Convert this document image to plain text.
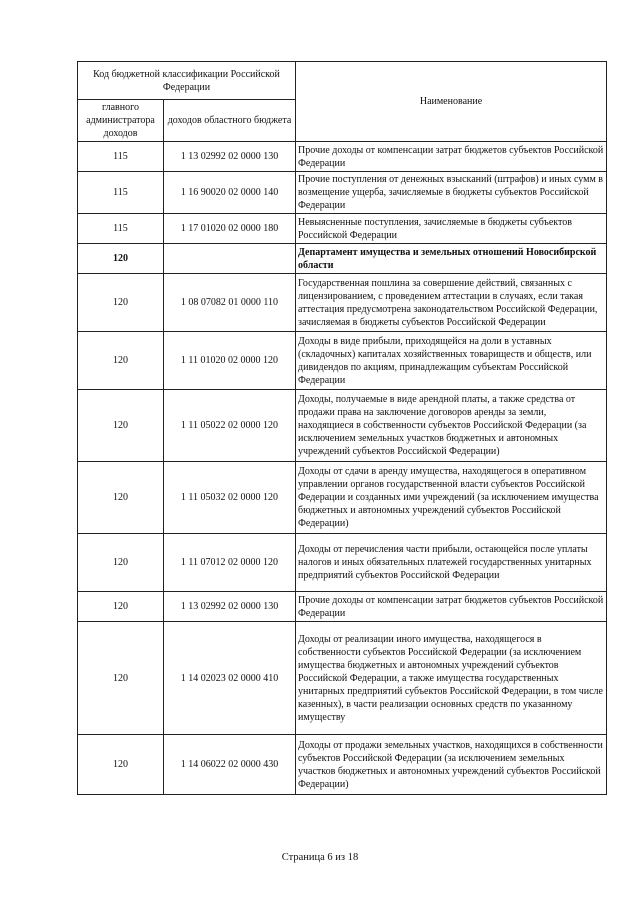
Код бюджетной классификации Российской Федерации		Наименование
главного администратора доходов	доходов областного бюджета	
115	1 13 02992 02 0000 130	Прочие доходы от компенсации затрат бюджетов субъектов Российской Федерации
115	1 16 90020 02 0000 140	Прочие поступления от денежных взысканий (штрафов) и иных сумм в возмещение ущерба, зачисляемые в бюджеты субъектов Российской Федерации
115	1 17 01020 02 0000 180	Невыясненные поступления, зачисляемые в бюджеты субъектов Российской Федерации
120		Департамент имущества и земельных отношений Новосибирской области
120	1 08 07082 01 0000 110	Государственная пошлина за совершение действий, связанных с лицензированием, с проведением аттестации в случаях, если такая аттестация предусмотрена законодательством Российской Федерации, зачисляемая в бюджеты субъектов Российской Федерации
120	1 11 01020 02 0000 120	Доходы в виде прибыли, приходящейся на доли в уставных (складочных) капиталах хозяйственных товариществ и обществ, или дивидендов по акциям, принадлежащим субъектам Российской Федерации
120	1 11 05022 02 0000 120	Доходы, получаемые в виде арендной платы, а также средства от продажи права на заключение договоров аренды за земли, находящиеся в собственности субъектов Российской Федерации (за исключением земельных участков бюджетных и автономных учреждений субъектов Российской Федерации)
120	1 11 05032 02 0000 120	Доходы от сдачи в аренду имущества, находящегося в оперативном управлении органов государственной власти субъектов Российской Федерации и созданных ими учреждений (за исключением имущества бюджетных и автономных учреждений субъектов Российской Федерации)
120	1 11 07012 02 0000 120	Доходы от перечисления части прибыли, остающейся после уплаты налогов и иных обязательных платежей государственных унитарных предприятий субъектов Российской Федерации
120	1 13 02992 02 0000 130	Прочие доходы от компенсации затрат бюджетов субъектов Российской Федерации
120	1 14 02023 02 0000 410	Доходы от реализации иного имущества, находящегося в собственности субъектов Российской Федерации (за исключением имущества бюджетных и автономных учреждений субъектов Российской Федерации, а также имущества государственных унитарных предприятий субъектов Российской Федерации, в том числе казенных), в части реализации основных средств по указанному имуществу
120	1 14 06022 02 0000 430	Доходы от продажи земельных участков, находящихся в собственности субъектов Российской Федерации (за исключением земельных участков бюджетных и автономных учреждений субъектов Российской Федерации)
Страница 6 из 18
